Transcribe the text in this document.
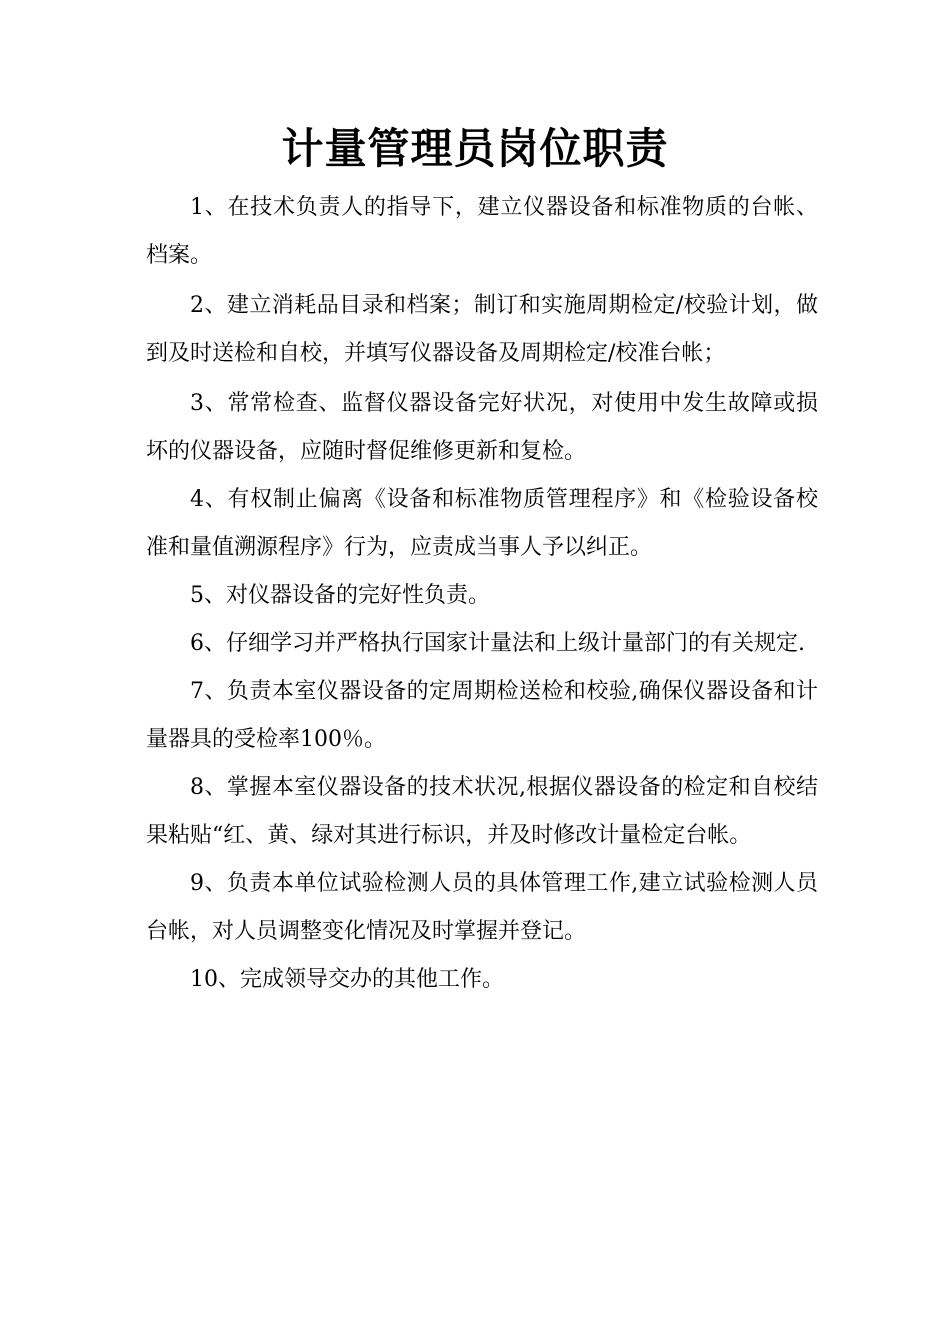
计量管理员岗位职责

1、在技术负责人的指导下，建立仪器设备和标准物质的台帐、档案。

2、建立消耗品目录和档案；制订和实施周期检定/校验计划，做到及时送检和自校，并填写仪器设备及周期检定/校准台帐；

3、常常检查、监督仪器设备完好状况，对使用中发生故障或损坏的仪器设备，应随时督促维修更新和复检。

4、有权制止偏离《设备和标准物质管理程序》和《检验设备校准和量值溯源程序》行为，应责成当事人予以纠正。

5、对仪器设备的完好性负责。

6、仔细学习并严格执行国家计量法和上级计量部门的有关规定.

7、负责本室仪器设备的定周期检送检和校验,确保仪器设备和计量器具的受检率100％。

8、掌握本室仪器设备的技术状况,根据仪器设备的检定和自校结果粘贴“红、黄、绿对其进行标识，并及时修改计量检定台帐。

9、负责本单位试验检测人员的具体管理工作,建立试验检测人员台帐，对人员调整变化情况及时掌握并登记。

10、完成领导交办的其他工作。
